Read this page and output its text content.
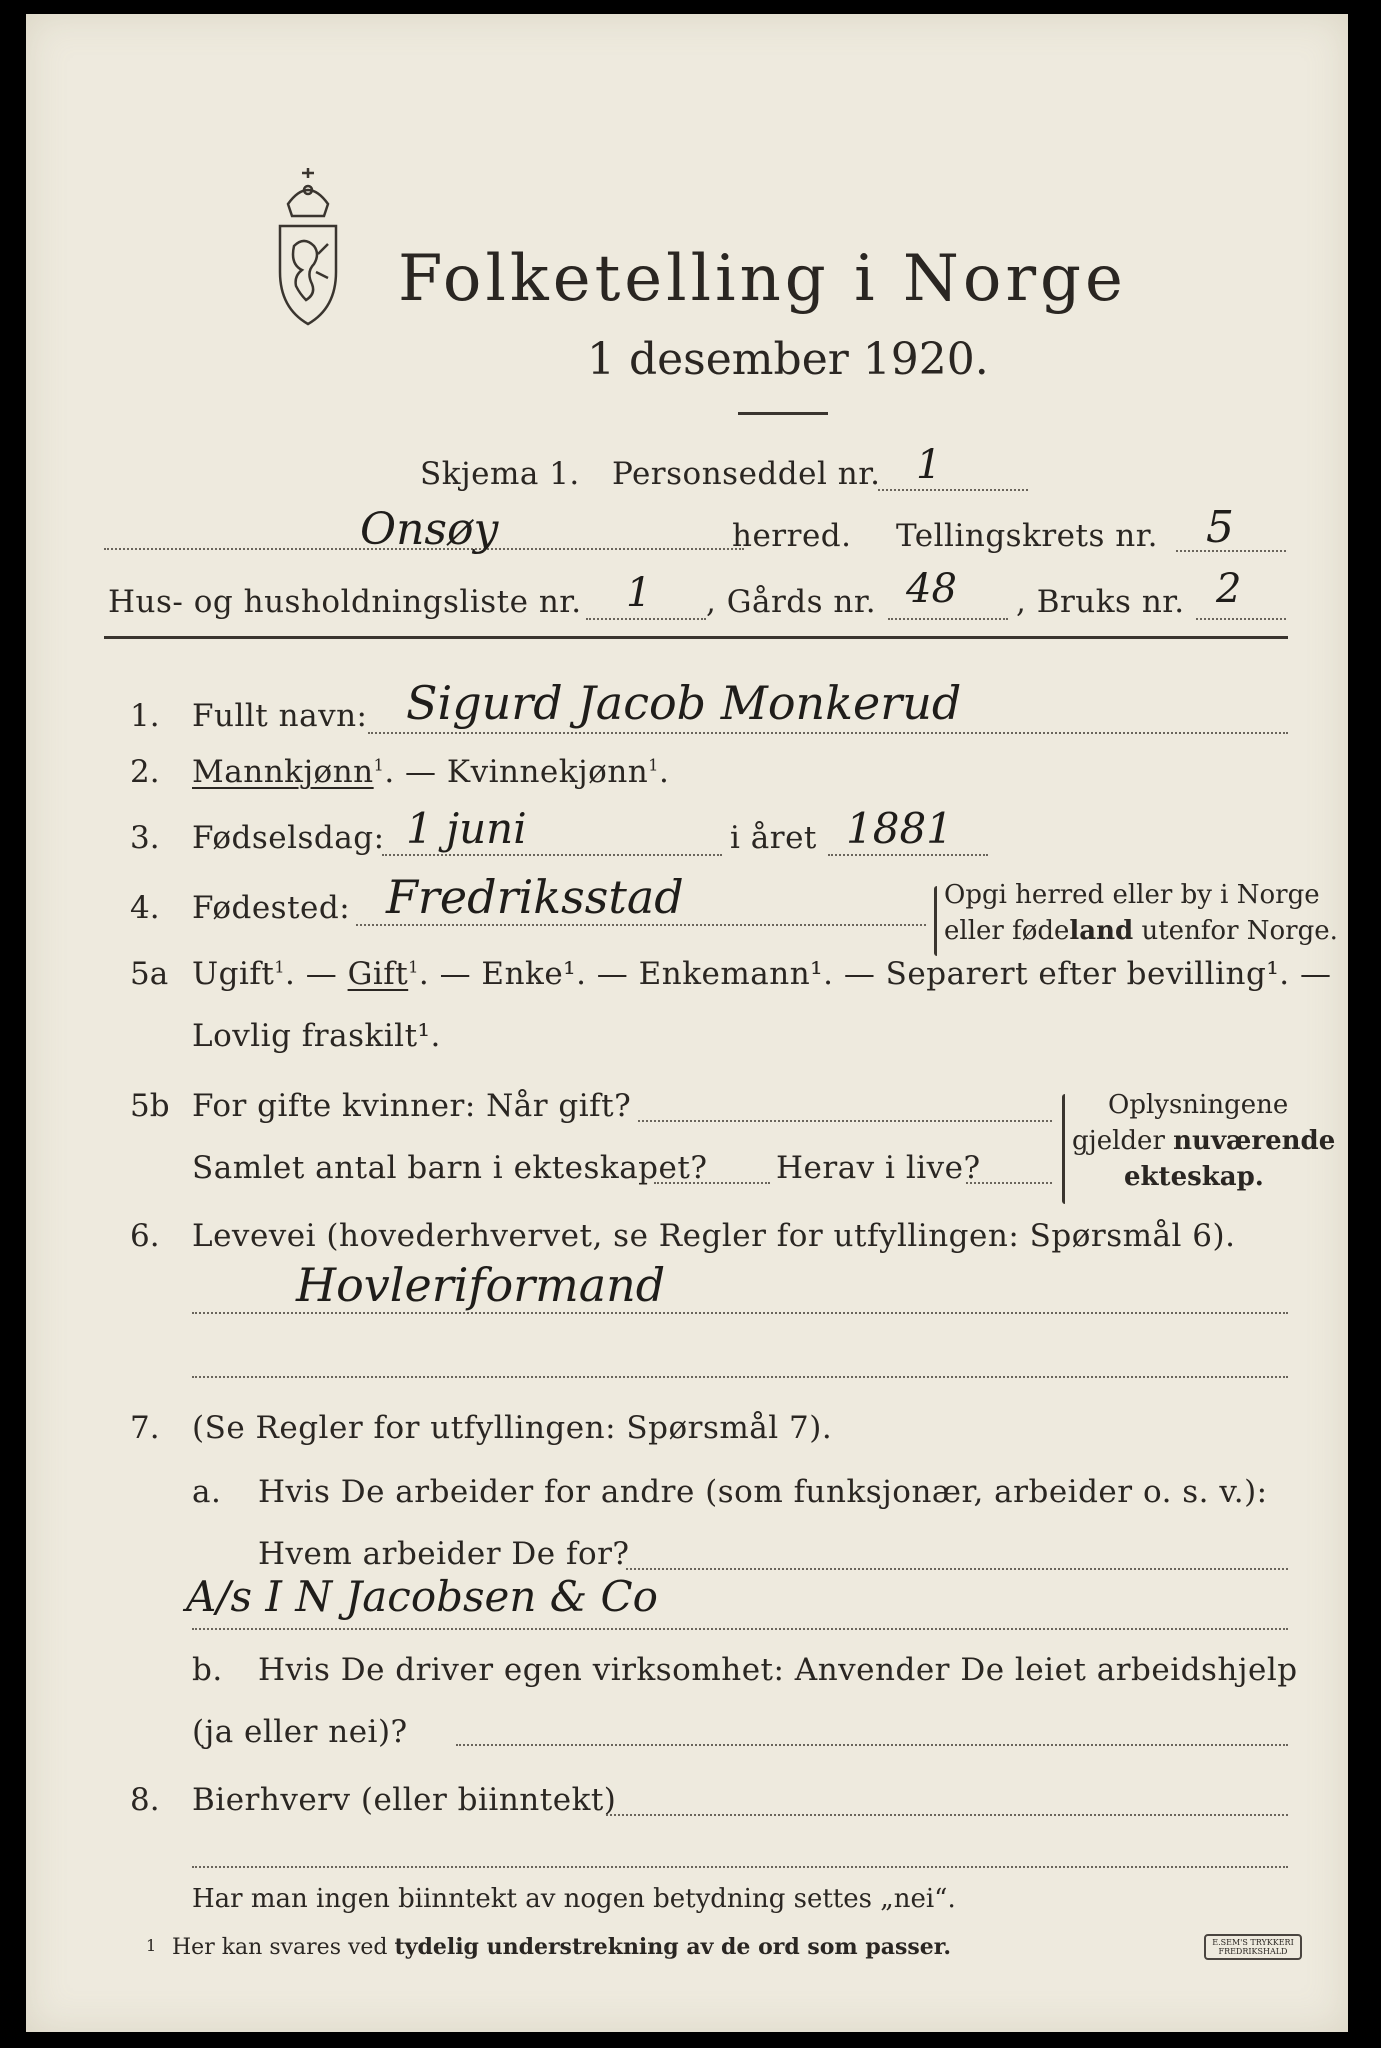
Folketelling i Norge
1 desember 1920.
Skjema 1. Personseddel nr. 1
Onsøy	herred. Tellingskrets nr. 5
Hus- og husholdningsliste nr. 1 , Gårds nr. 48 , Bruks nr. 2
1. Fullt navn: Sigurd Jacob Monkerud
2. Mannkjønn$^1$. — Kvinnekjønn$^1$.
3. Fødselsdag: 1 juni	i året 1881
4. Fødested: Fredriksstad	Opgi herred eller by i Norge
eller fødeland utenfor Norge.
5a Ugift$^1$. — Gift$^1$. — Enke¹. — Enkemann¹. — Separert efter bevilling¹. —
Lovlig fraskilt¹.
5b For gifte kvinner: Når gift?
Samlet antal barn i ekteskapet? Herav i live?
Oplysningene
gjelder nuværende
ekteskap.
6. Levevei (hovederhvervet, se Regler for utfyllingen: Spørsmål 6).
Hovleriformand
7. (Se Regler for utfyllingen: Spørsmål 7).
a. Hvis De arbeider for andre (som funksjonær, arbeider o. s. v.):
Hvem arbeider De for?
A/s I N Jacobsen & Co
b. Hvis De driver egen virksomhet: Anvender De leiet arbeidshjelp
(ja eller nei)?
8. Bierhverv (eller biinntekt)
Har man ingen biinntekt av nogen betydning settes „nei“.
1 Her kan svares ved tydelig understrekning av de ord som passer.	E.SEM'S TRYKKERI
FREDRIKSHALD
